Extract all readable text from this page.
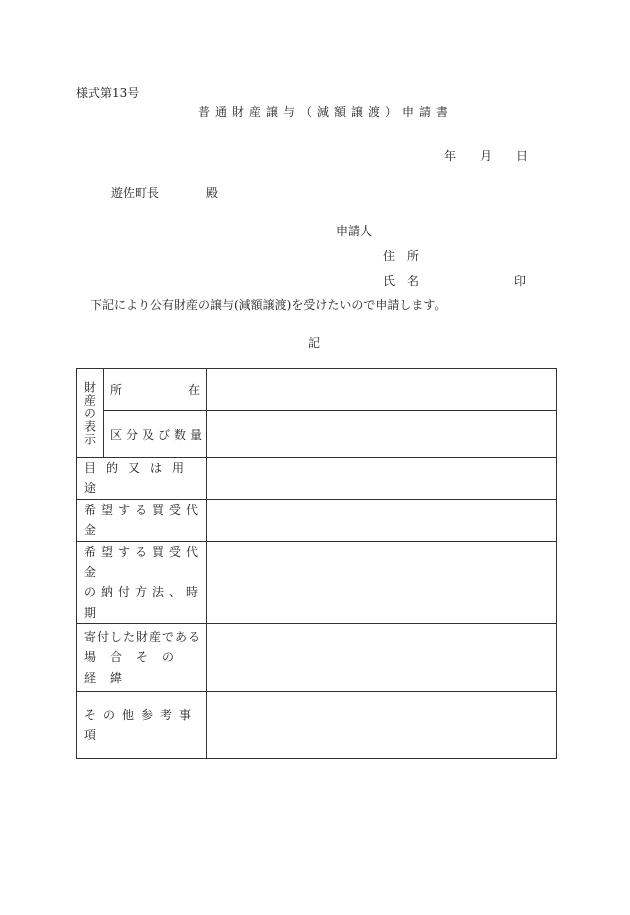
様式第13号
普通財産譲与（減額譲渡）申請書
年 月 日
遊佐町長	殿
申請人
住　所
氏　名	印
下記により公有財産の譲与(減額譲渡)を受けたいので申請します。
記
財産の表示	所 在	

	区分及び数量	
目的又は用途		
希望する買受代金		

希望する買受代金
の納付方法、時期		

寄付した財産である
場合その経緯		

その他参考事項		
